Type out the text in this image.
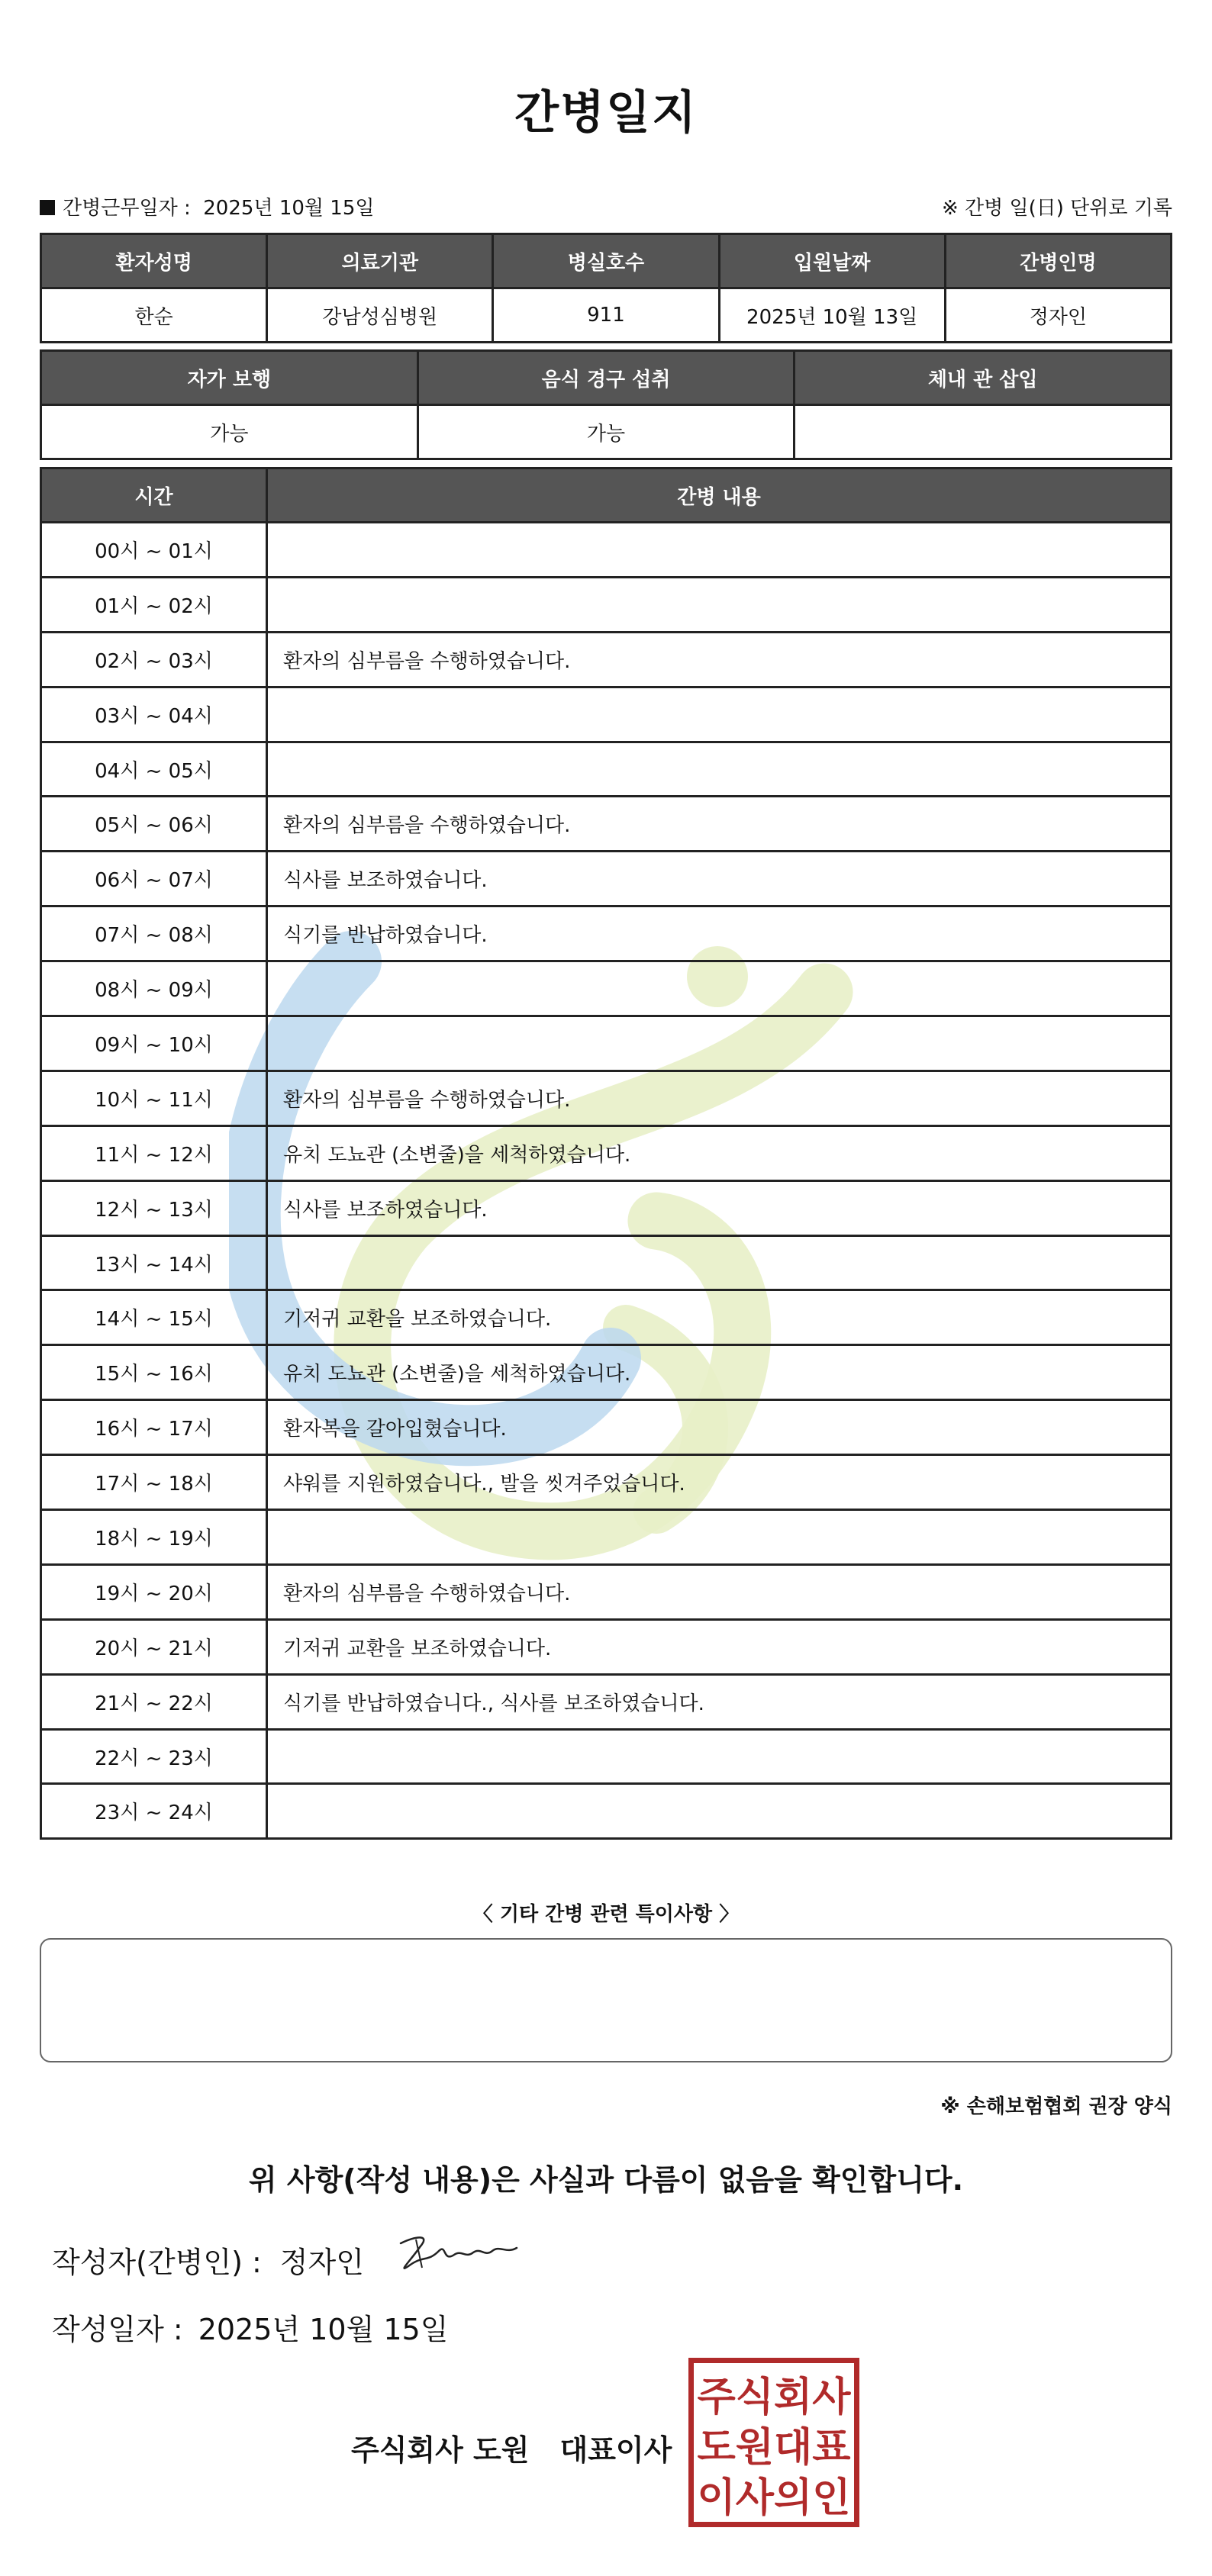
간병일지
간병근무일자 : 2025년 10월 15일	※ 간병 일(日) 단위로 기록
환자성명	의료기관	병실호수	입원날짜	간병인명
한순	강남성심병원	911	2025년 10월 13일	정자인
자가 보행	음식 경구 섭취	체내 관 삽입
가능	가능	
시간	간병 내용
00시 ~ 01시	
01시 ~ 02시	
02시 ~ 03시	환자의 심부름을 수행하였습니다.
03시 ~ 04시	
04시 ~ 05시	
05시 ~ 06시	환자의 심부름을 수행하였습니다.
06시 ~ 07시	식사를 보조하였습니다.
07시 ~ 08시	식기를 반납하였습니다.
08시 ~ 09시	
09시 ~ 10시	
10시 ~ 11시	환자의 심부름을 수행하였습니다.
11시 ~ 12시	유치 도뇨관 (소변줄)을 세척하였습니다.
12시 ~ 13시	식사를 보조하였습니다.
13시 ~ 14시	
14시 ~ 15시	기저귀 교환을 보조하였습니다.
15시 ~ 16시	유치 도뇨관 (소변줄)을 세척하였습니다.
16시 ~ 17시	환자복을 갈아입혔습니다.
17시 ~ 18시	샤워를 지원하였습니다., 발을 씻겨주었습니다.
18시 ~ 19시	
19시 ~ 20시	환자의 심부름을 수행하였습니다.
20시 ~ 21시	기저귀 교환을 보조하였습니다.
21시 ~ 22시	식기를 반납하였습니다., 식사를 보조하였습니다.
22시 ~ 23시	
23시 ~ 24시	
〈 기타 간병 관련 특이사항 〉
※ 손해보험협회 권장 양식
위 사항(작성 내용)은 사실과 다름이 없음을 확인합니다.
작성자(간병인) : 정자인
작성일자 : 2025년 10월 15일
주식회사 도원 대표이사
주식회사
도원대표
이사의인
